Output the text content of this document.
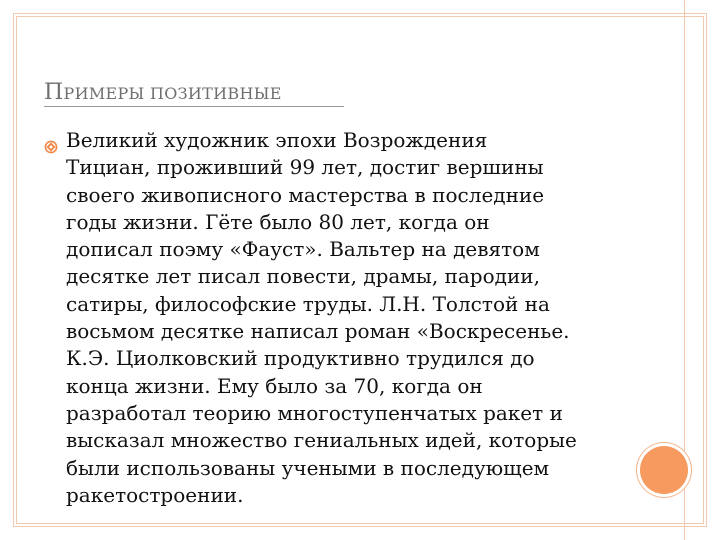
ПРИМЕРЫ ПОЗИТИВНЫЕ
Великий художник эпохи Возрождения
Тициан, проживший 99 лет, достиг вершины
своего живописного мастерства в последние
годы жизни. Гёте было 80 лет, когда он
дописал поэму «Фауст». Вальтер на девятом
десятке лет писал повести, драмы, пародии,
сатиры, философские труды. Л.Н. Толстой на
восьмом десятке написал роман «Воскресенье.
К.Э. Циолковский продуктивно трудился до
конца жизни. Ему было за 70, когда он
разработал теорию многоступенчатых ракет и
высказал множество гениальных идей, которые
были использованы учеными в последующем
ракетостроении.
